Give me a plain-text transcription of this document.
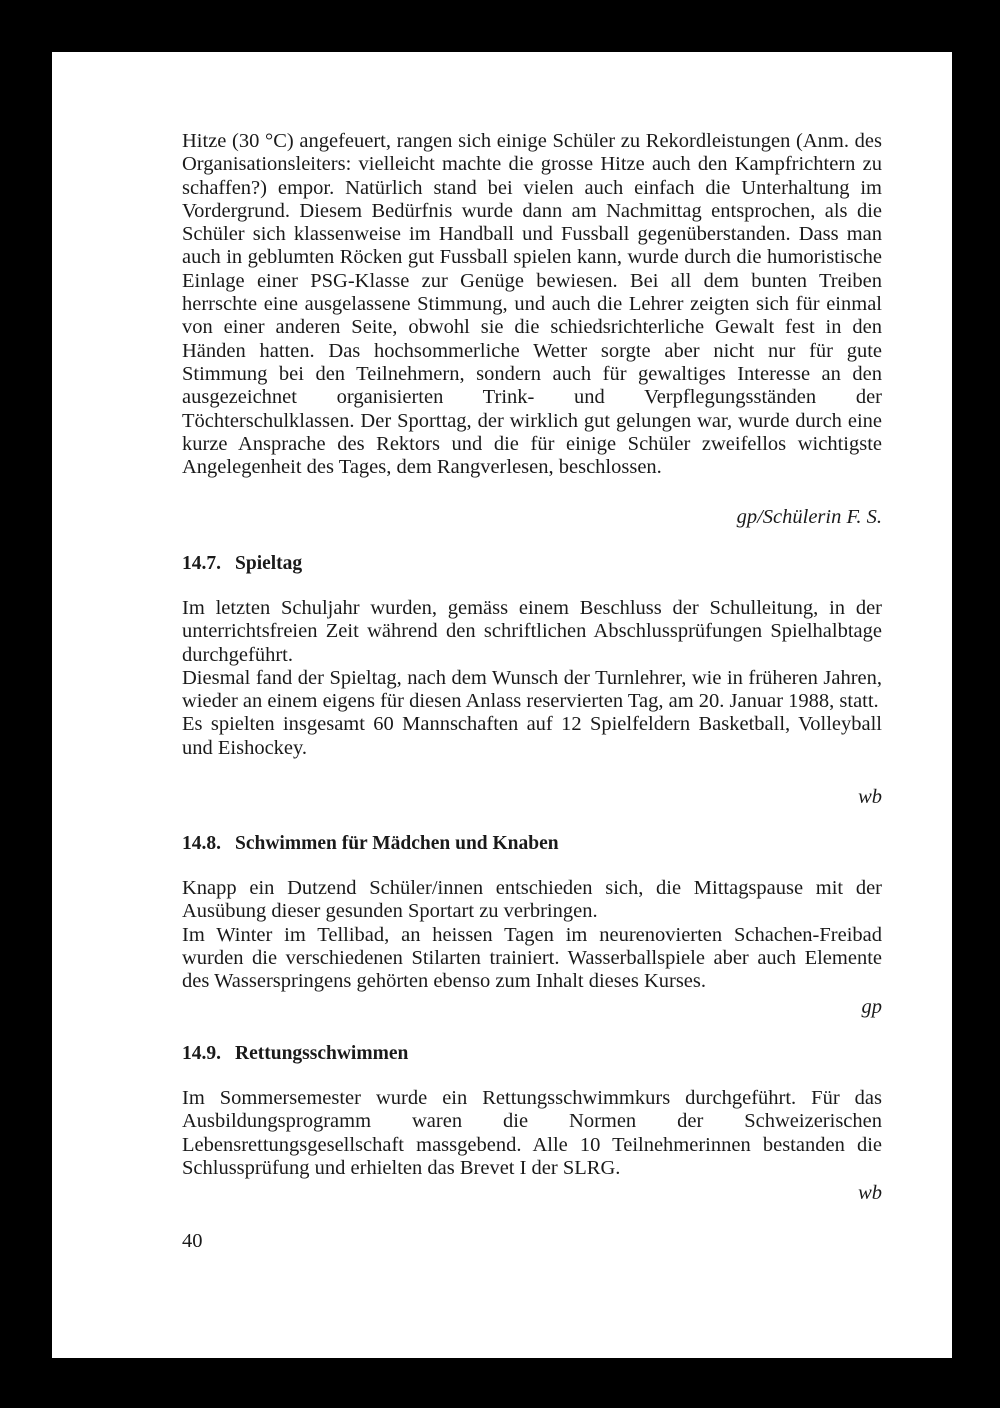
Hitze (30 °C) angefeuert, rangen sich einige Schüler zu Rekordleistungen (Anm. des Organisationsleiters: vielleicht machte die grosse Hitze auch den Kampfrichtern zu schaffen?) empor. Natürlich stand bei vielen auch einfach die Unterhaltung im Vordergrund. Diesem Bedürfnis wurde dann am Nachmittag entsprochen, als die Schüler sich klassenweise im Handball und Fussball gegenüberstanden. Dass man auch in geblumten Röcken gut Fussball spielen kann, wurde durch die humoristische Einlage einer PSG-Klasse zur Genüge bewiesen. Bei all dem bunten Treiben herrschte eine ausgelassene Stimmung, und auch die Lehrer zeigten sich für einmal von einer anderen Seite, obwohl sie die schiedsrichterliche Gewalt fest in den Händen hatten. Das hochsommerliche Wetter sorgte aber nicht nur für gute Stimmung bei den Teilnehmern, sondern auch für gewaltiges Interesse an den ausgezeichnet organisierten Trink- und Verpflegungsständen der Töchterschulklassen. Der Sporttag, der wirklich gut gelungen war, wurde durch eine kurze Ansprache des Rektors und die für einige Schüler zweifellos wichtigste Angelegenheit des Tages, dem Rangverlesen, beschlossen.

gp/Schülerin F. S.
14.7. Spieltag

Im letzten Schuljahr wurden, gemäss einem Beschluss der Schulleitung, in der unterrichtsfreien Zeit während den schriftlichen Abschlussprüfungen Spielhalbtage durchgeführt.

Diesmal fand der Spieltag, nach dem Wunsch der Turnlehrer, wie in früheren Jahren, wieder an einem eigens für diesen Anlass reservierten Tag, am 20. Januar 1988, statt.

Es spielten insgesamt 60 Mannschaften auf 12 Spielfeldern Basketball, Volleyball und Eishockey.

wb
14.8. Schwimmen für Mädchen und Knaben

Knapp ein Dutzend Schüler/innen entschieden sich, die Mittagspause mit der Ausübung dieser gesunden Sportart zu verbringen.

Im Winter im Tellibad, an heissen Tagen im neurenovierten Schachen-Freibad wurden die verschiedenen Stilarten trainiert. Wasserballspiele aber auch Elemente des Wasserspringens gehörten ebenso zum Inhalt dieses Kurses.

gp
14.9. Rettungsschwimmen

Im Sommersemester wurde ein Rettungsschwimmkurs durchgeführt. Für das Ausbildungsprogramm waren die Normen der Schweizerischen Lebensrettungsgesellschaft massgebend. Alle 10 Teilnehmerinnen bestanden die Schlussprüfung und erhielten das Brevet I der SLRG.

wb
40
